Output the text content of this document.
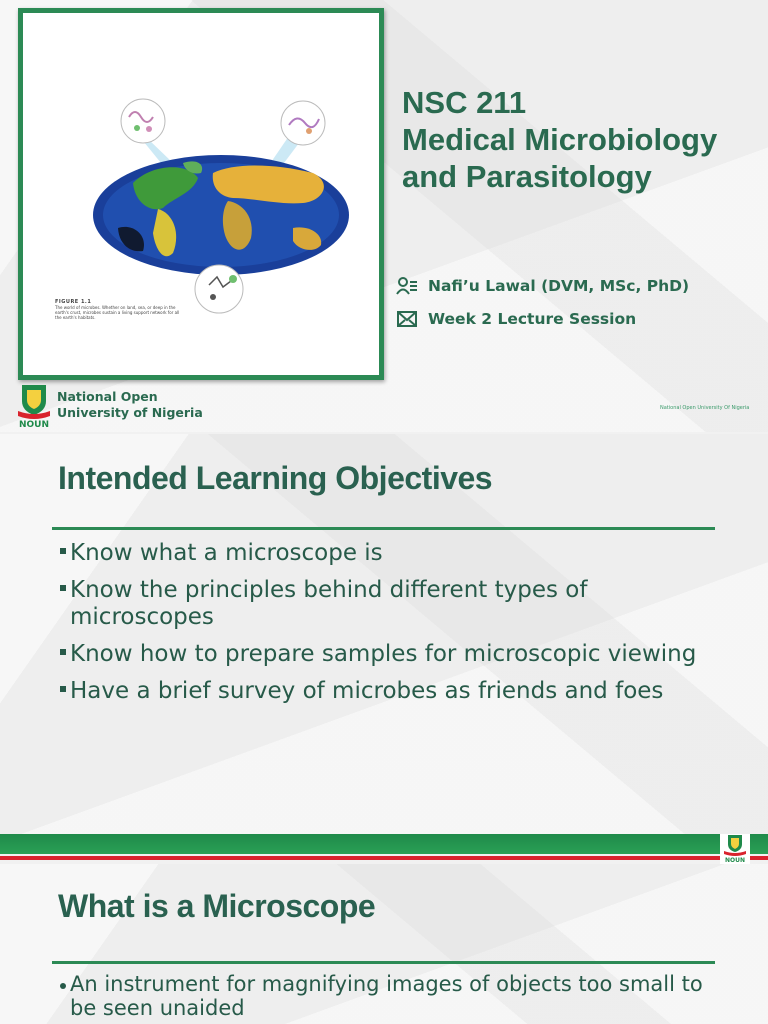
FIGURE 1.1
The world of microbes. Whether on land, sea, or deep in the earth's crust, microbes sustain a living support network for all the earth's habitats.
NSC 211
Medical Microbiology
and Parasitology
Nafi’u Lawal (DVM, MSc, PhD)
Week 2 Lecture Session
NOUN
National Open
University of Nigeria	National Open University Of Nigeria
Intended Learning Objectives
Know what a microscope is
Know the principles behind different types of microscopes
Know how to prepare samples for microscopic viewing
Have a brief survey of microbes as friends and foes
NOUN
What is a Microscope
An instrument for magnifying images of objects too small to be seen unaided
